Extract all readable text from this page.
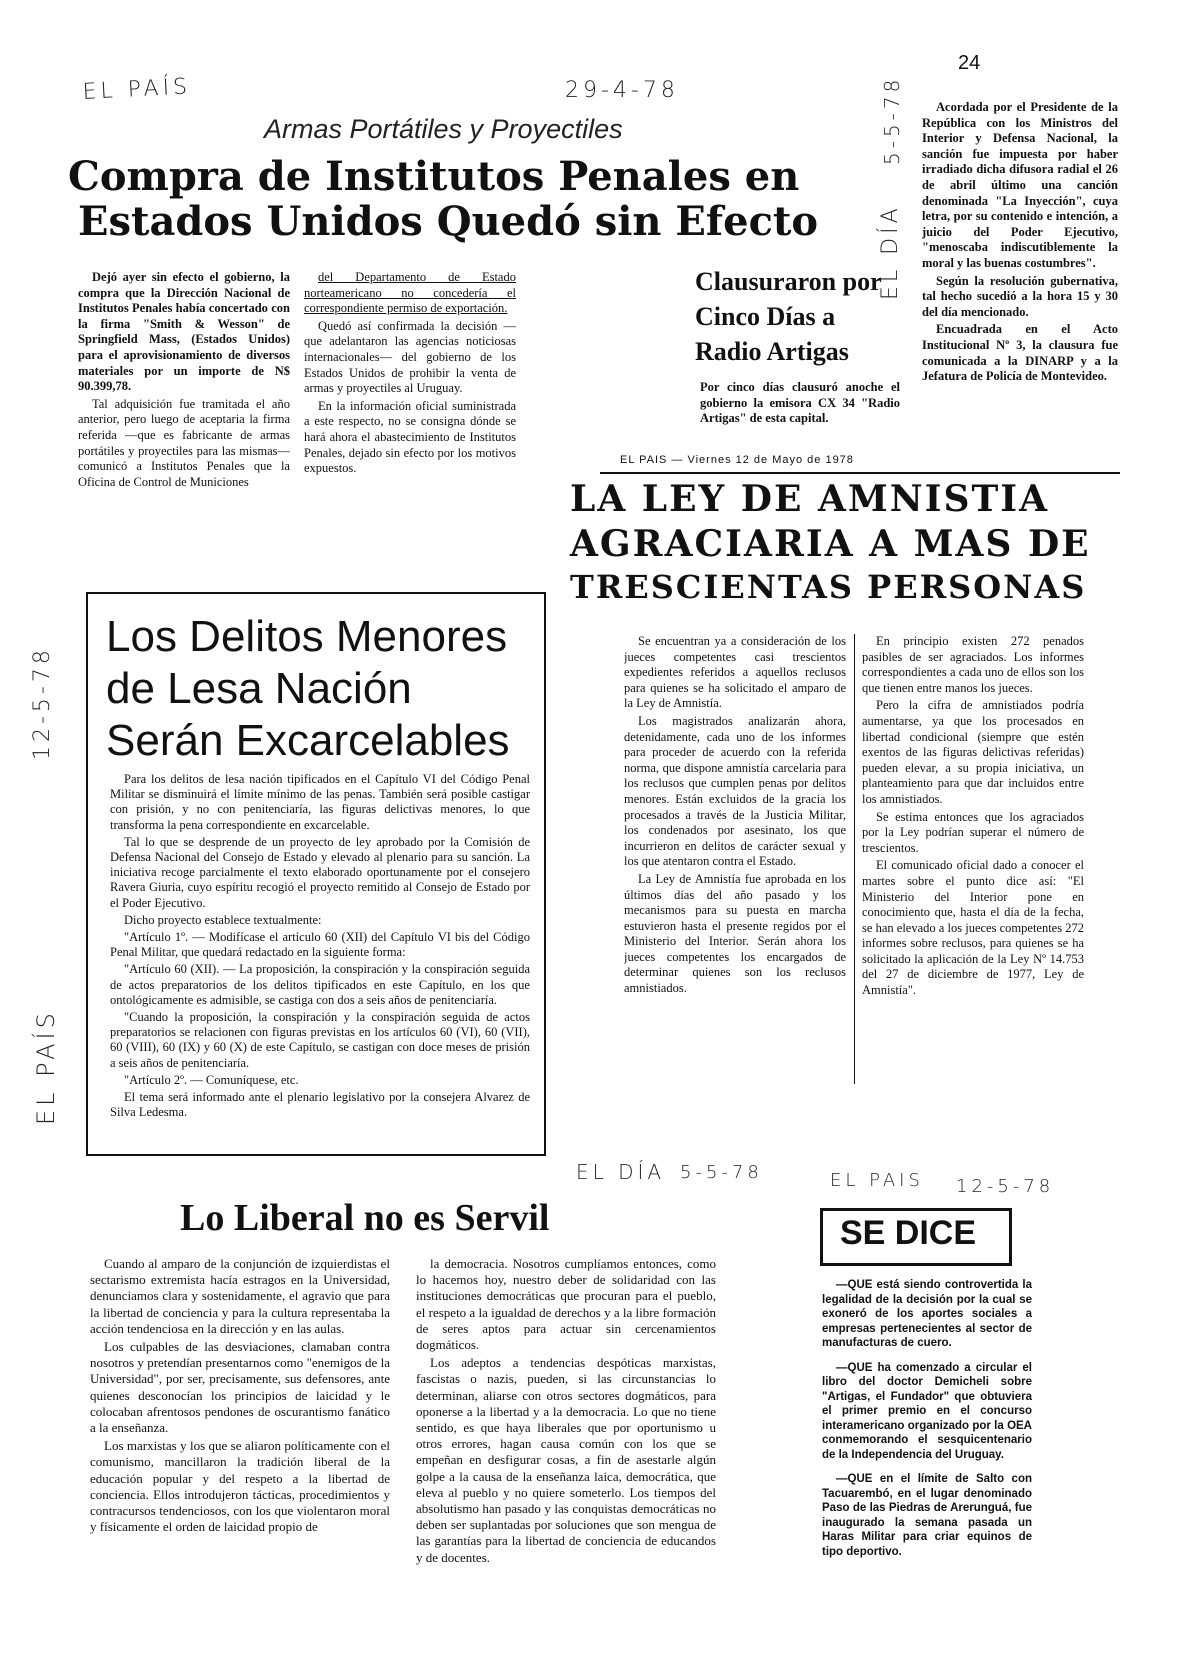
24
EL PAÍS	29-4-78
EL DÍA
5-5-78
12-5-78
EL PAÍS
EL DÍA 5-5-78	EL PAIS 12-5-78
Armas Portátiles y Proyectiles
Compra de Institutos Penales en
Estados Unidos Quedó sin Efecto

Dejó ayer sin efecto el gobierno, la compra que la Dirección Nacional de Institutos Penales había concertado con la firma "Smith & Wesson" de Springfield Mass, (Estados Unidos) para el aprovisionamiento de diversos materiales por un importe de N$ 90.399,78.

Tal adquisición fue tramitada el año anterior, pero luego de aceptaria la firma referida —que es fabricante de armas portátiles y proyectiles para las mismas— comunicó a Institutos Penales que la Oficina de Control de Municiones

del Departamento de Estado norteamericano no concedería el correspondiente permiso de exportación.

Quedó así confirmada la decisión —que adelantaron las agencias noticiosas internacionales— del gobierno de los Estados Unidos de prohibir la venta de armas y proyectiles al Uruguay.

En la información oficial suministrada a este respecto, no se consigna dónde se hará ahora el abastecimiento de Institutos Penales, dejado sin efecto por los motivos expuestos.

Clausuraron por
Cinco Días a
Radio Artigas
Por cinco días clausuró anoche el gobierno la emisora CX 34 "Radio Artigas" de esta capital.

Acordada por el Presidente de la República con los Ministros del Interior y Defensa Nacional, la sanción fue impuesta por haber irradiado dicha difusora radial el 26 de abril último una canción denominada "La Inyección", cuya letra, por su contenido e intención, a juicio del Poder Ejecutivo, "menoscaba indiscutiblemente la moral y las buenas costumbres".

Según la resolución gubernativa, tal hecho sucedió a la hora 15 y 30 del día mencionado.

Encuadrada en el Acto Institucional Nº 3, la clausura fue comunicada a la DINARP y a la Jefatura de Policía de Montevideo.

EL PAIS — Viernes 12 de Mayo de 1978
LA LEY DE AMNISTIA
AGRACIARIA A MAS DE
TRESCIENTAS PERSONAS

Se encuentran ya a consideración de los jueces competentes casi trescientos expedientes referidos a aquellos reclusos para quienes se ha solicitado el amparo de la Ley de Amnistía.

Los magistrados analizarán ahora, detenidamente, cada uno de los informes para proceder de acuerdo con la referida norma, que dispone amnistía carcelaria para los reclusos que cumplen penas por delitos menores. Están excluidos de la gracia los procesados a través de la Justicia Militar, los condenados por asesinato, los que incurrieron en delitos de carácter sexual y los que atentaron contra el Estado.

La Ley de Amnistía fue aprobada en los últimos días del año pasado y los mecanismos para su puesta en marcha estuvieron hasta el presente regidos por el Ministerio del Interior. Serán ahora los jueces competentes los encargados de determinar quienes son los reclusos amnistiados.

En principio existen 272 penados pasibles de ser agraciados. Los informes correspondientes a cada uno de ellos son los que tienen entre manos los jueces.

Pero la cifra de amnistiados podría aumentarse, ya que los procesados en libertad condicional (siempre que estén exentos de las figuras delictivas referidas) pueden elevar, a su propia iniciativa, un planteamiento para que dar incluidos entre los amnistiados.

Se estima entonces que los agraciados por la Ley podrían superar el número de trescientos.

El comunicado oficial dado a conocer el martes sobre el punto dice así: "El Ministerio del Interior pone en conocimiento que, hasta el día de la fecha, se han elevado a los jueces competentes 272 informes sobre reclusos, para quienes se ha solicitado la aplicación de la Ley Nº 14.753 del 27 de diciembre de 1977, Ley de Amnistía".

Los Delitos Menores
de Lesa Nación
Serán Excarcelables

Para los delitos de lesa nación tipificados en el Capítulo VI del Código Penal Militar se disminuirá el límite mínimo de las penas. También será posible castigar con prisión, y no con penitenciaría, las figuras delictivas menores, lo que transforma la pena correspondiente en excarcelable.

Tal lo que se desprende de un proyecto de ley aprobado por la Comisión de Defensa Nacional del Consejo de Estado y elevado al plenario para su sanción. La iniciativa recoge parcialmente el texto elaborado oportunamente por el consejero Ravera Giuria, cuyo espíritu recogió el proyecto remitido al Consejo de Estado por el Poder Ejecutivo.

Dicho proyecto establece textualmente:

"Artículo 1º. — Modifícase el artículo 60 (XII) del Capítulo VI bis del Código Penal Militar, que quedará redactado en la siguiente forma:

"Artículo 60 (XII). — La proposición, la conspiración y la conspiración seguida de actos preparatorios de los delitos tipificados en este Capítulo, en los que ontológicamente es admisible, se castiga con dos a seis años de penitenciaría.

"Cuando la proposición, la conspiración y la conspiración seguida de actos preparatorios se relacionen con figuras previstas en los artículos 60 (VI), 60 (VII), 60 (VIII), 60 (IX) y 60 (X) de este Capítulo, se castigan con doce meses de prisión a seis años de penitenciaría.

"Artículo 2º. — Comuníquese, etc.

El tema será informado ante el plenario legislativo por la consejera Alvarez de Silva Ledesma.

Lo Liberal no es Servil

Cuando al amparo de la conjunción de izquierdistas el sectarismo extremista hacía estragos en la Universidad, denunciamos clara y sostenidamente, el agravio que para la libertad de conciencia y para la cultura representaba la acción tendenciosa en la dirección y en las aulas.

Los culpables de las desviaciones, clamaban contra nosotros y pretendían presentarnos como "enemigos de la Universidad", por ser, precisamente, sus defensores, ante quienes desconocían los principios de laicidad y le colocaban afrentosos pendones de oscurantismo fanático a la enseñanza.

Los marxistas y los que se aliaron políticamente con el comunismo, mancillaron la tradición liberal de la educación popular y del respeto a la libertad de conciencia. Ellos introdujeron tácticas, procedimientos y contracursos tendenciosos, con los que violentaron moral y físicamente el orden de laicidad propio de

la democracia. Nosotros cumplíamos entonces, como lo hacemos hoy, nuestro deber de solidaridad con las instituciones democráticas que procuran para el pueblo, el respeto a la igualdad de derechos y a la libre formación de seres aptos para actuar sin cercenamientos dogmáticos.

Los adeptos a tendencias despóticas marxistas, fascistas o nazis, pueden, si las circunstancias lo determinan, aliarse con otros sectores dogmáticos, para oponerse a la libertad y a la democracia. Lo que no tiene sentido, es que haya liberales que por oportunismo u otros errores, hagan causa común con los que se empeñan en desfigurar cosas, a fin de asestarle algún golpe a la causa de la enseñanza laica, democrática, que eleva al pueblo y no quiere someterlo. Los tiempos del absolutismo han pasado y las conquistas democráticas no deben ser suplantadas por soluciones que son mengua de las garantías para la libertad de conciencia de educandos y de docentes.

SE DICE

—QUE está siendo controvertida la legalidad de la decisión por la cual se exoneró de los aportes sociales a empresas pertenecientes al sector de manufacturas de cuero.

—QUE ha comenzado a circular el libro del doctor Demicheli sobre "Artigas, el Fundador" que obtuviera el primer premio en el concurso interamericano organizado por la OEA conmemorando el sesquicentenario de la Independencia del Uruguay.

—QUE en el límite de Salto con Tacuarembó, en el lugar denominado Paso de las Piedras de Arerunguá, fue inaugurado la semana pasada un Haras Militar para criar equinos de tipo deportivo.
